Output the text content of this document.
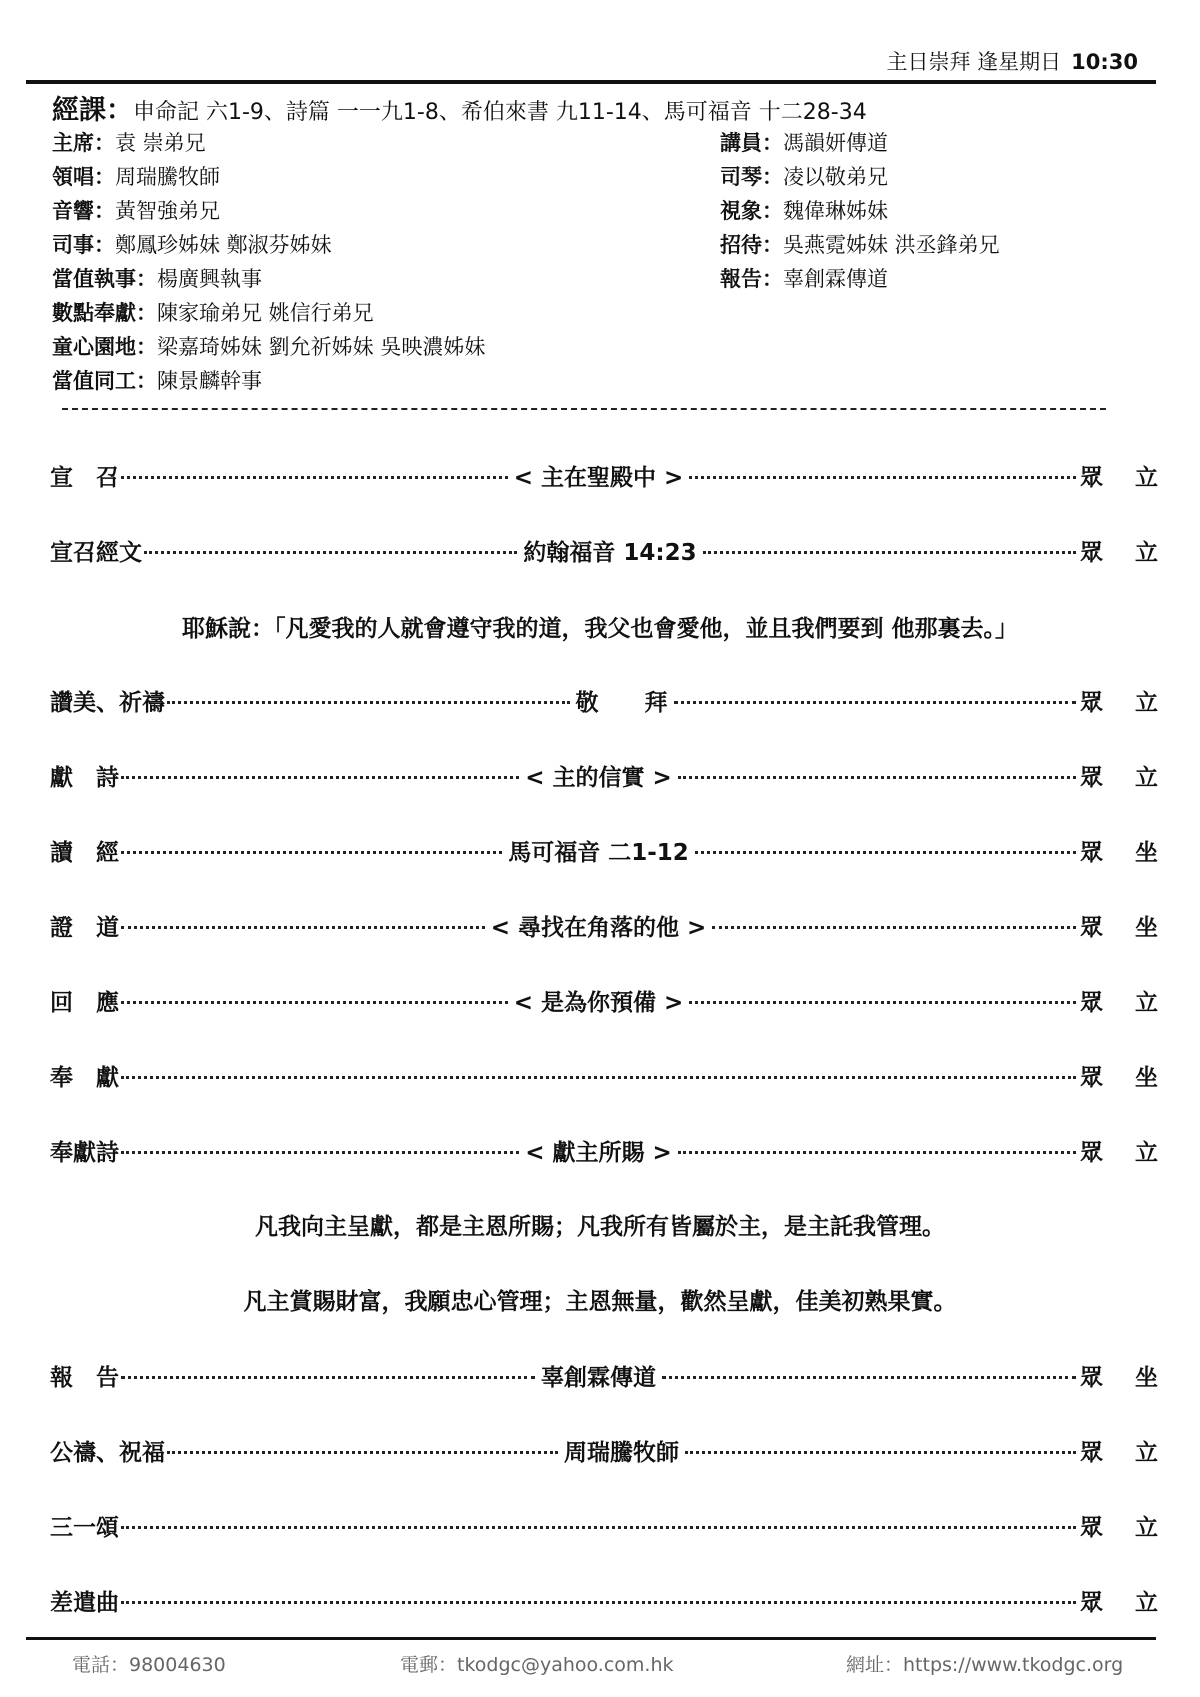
主日崇拜 逢星期日 10:30
經課：申命記 六1-9、詩篇 一一九1-8、希伯來書 九11-14、馬可福音 十二28-34
主席：袁 崇弟兄
領唱：周瑞騰牧師
音響：黃智強弟兄
司事：鄭鳳珍姊妹 鄭淑芬姊妹
當值執事：楊廣興執事
數點奉獻：陳家瑜弟兄 姚信行弟兄
童心園地：梁嘉琦姊妹 劉允祈姊妹 吳映濃姊妹
當值同工：陳景麟幹事
講員：馮韻妍傳道
司琴：凌以敬弟兄
視象：魏偉琳姊妹
招待：吳燕霓姊妹 洪丞鋒弟兄
報告：辜創霖傳道
宣　召	< 主在聖殿中 >	眾 立
宣召經文	約翰福音 14:23	眾 立
耶穌說：「凡愛我的人就會遵守我的道，我父也會愛他，並且我們要到 他那裏去。」
讚美、祈禱	敬　　拜	眾 立
獻　詩	< 主的信實 >	眾 立
讀　經	馬可福音 二1-12	眾 坐
證　道	< 尋找在角落的他 >	眾 坐
回　應	< 是為你預備 >	眾 立
奉　獻	眾 坐
奉獻詩	< 獻主所賜 >	眾 立
凡我向主呈獻，都是主恩所賜；凡我所有皆屬於主，是主託我管理。
凡主賞賜財富，我願忠心管理；主恩無量，歡然呈獻，佳美初熟果實。
報　告	辜創霖傳道	眾 坐
公禱、祝福	周瑞騰牧師	眾 立
三一頌	眾 立
差遣曲	眾 立
電話：98004630	電郵：tkodgc@yahoo.com.hk	網址：https://www.tkodgc.org
